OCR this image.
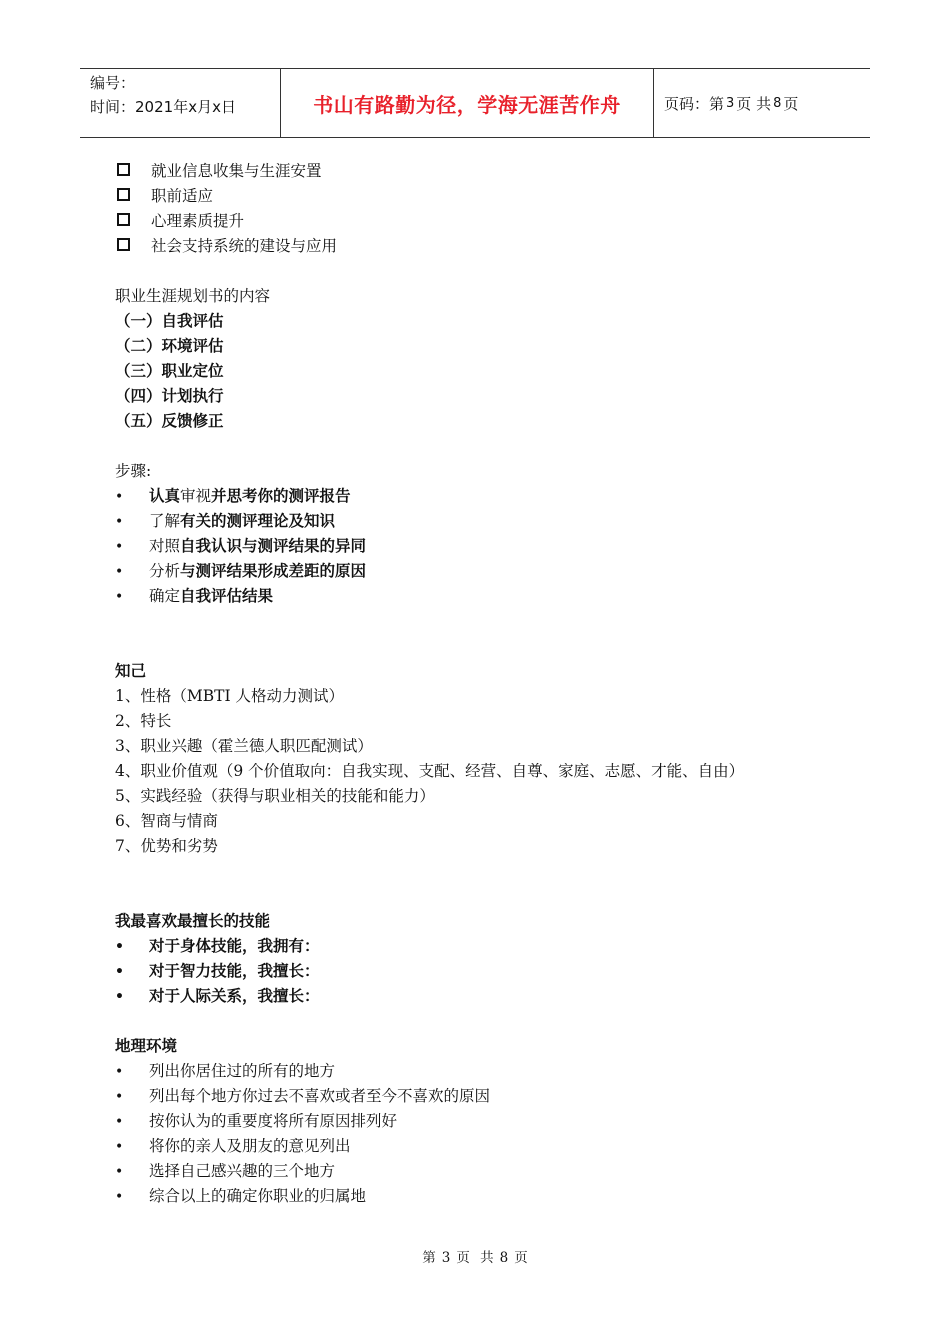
编号：
时间：2021年x月x日	书山有路勤为径，学海无涯苦作舟	页码：第 3 页 共 8 页
就业信息收集与生涯安置
职前适应
心理素质提升
社会支持系统的建设与应用
职业生涯规划书的内容
（一）自我评估
（二）环境评估
（三）职业定位
（四）计划执行
（五）反馈修正
步骤:
• 认真审视并思考你的测评报告
• 了解有关的测评理论及知识
• 对照自我认识与测评结果的异同
• 分析与测评结果形成差距的原因
• 确定自我评估结果
知己
1、性格（MBTI 人格动力测试）
2、特长
3、职业兴趣（霍兰德人职匹配测试）
4、职业价值观（9 个价值取向：自我实现、支配、经营、自尊、家庭、志愿、才能、自由）
5、实践经验（获得与职业相关的技能和能力）
6、智商与情商
7、优势和劣势
我最喜欢最擅长的技能
• 对于身体技能，我拥有：
• 对于智力技能，我擅长：
• 对于人际关系，我擅长：
地理环境
• 列出你居住过的所有的地方
• 列出每个地方你过去不喜欢或者至今不喜欢的原因
• 按你认为的重要度将所有原因排列好
• 将你的亲人及朋友的意见列出
• 选择自己感兴趣的三个地方
• 综合以上的确定你职业的归属地
第 3 页 共 8 页
